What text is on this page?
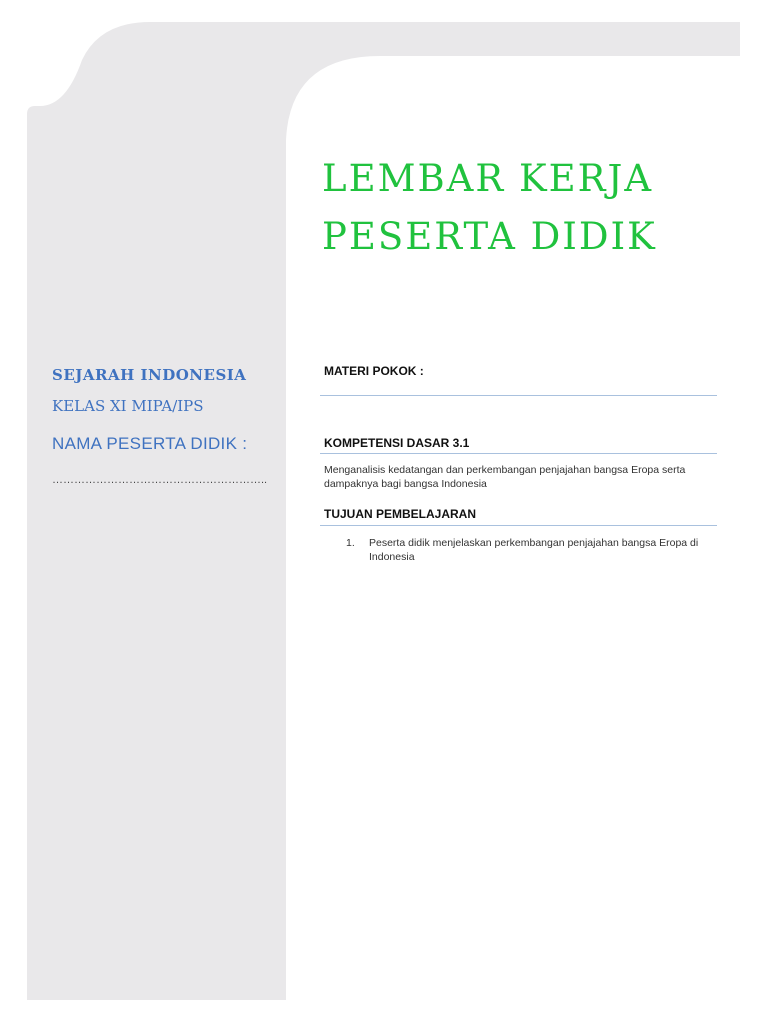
LEMBAR KERJA
PESERTA DIDIK

SEJARAH INDONESIA

KELAS XI MIPA/IPS

NAMA PESERTA DIDIK :

…………………………………………………..

MATERI POKOK :

KOMPETENSI DASAR 3.1

Menganalisis kedatangan dan perkembangan penjajahan bangsa Eropa serta dampaknya bagi bangsa Indonesia

TUJUAN PEMBELAJARAN

1. Peserta didik menjelaskan perkembangan penjajahan bangsa Eropa di Indonesia
